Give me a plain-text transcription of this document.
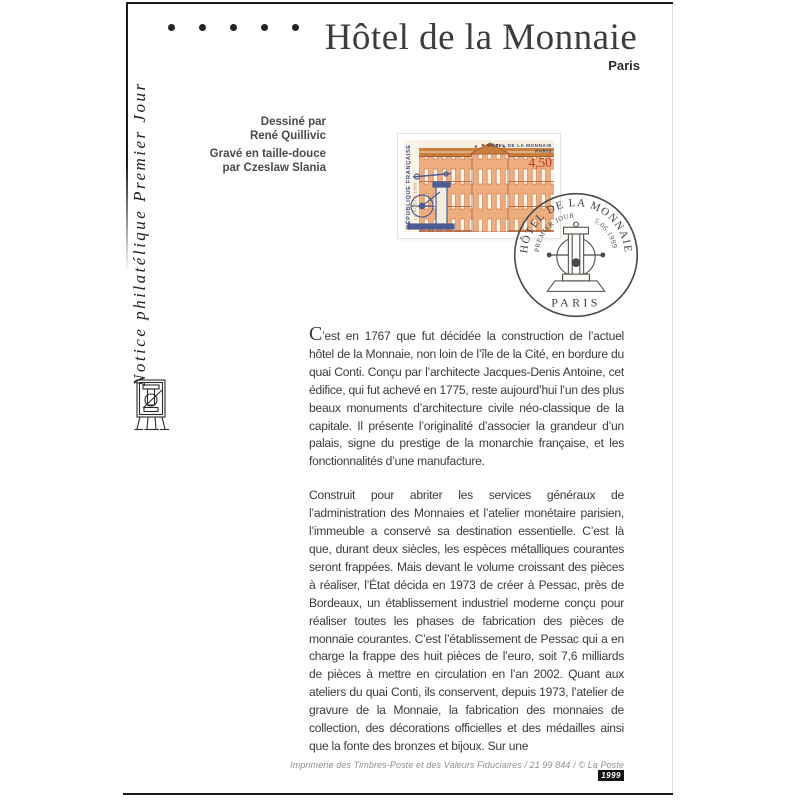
Notice philatélique Premier Jour
Hôtel de la Monnaie
Paris
Dessiné par
René Quillivic
Gravé en taille-douce
par Czeslaw Slania	RÉPUBLIQUE FRANÇAISE LA POSTE 1999
HÔTEL DE LA MONNAIE
PARIS
4,50
HÔTEL DE LA MONNAIE
PREMIER JOUR
5.06.1999
PARIS

C’est en 1767 que fut décidée la construction de l’actuel hôtel de la Monnaie, non loin de l’île de la Cité, en bordure du quai Conti. Conçu par l’architecte Jacques-Denis Antoine, cet édifice, qui fut achevé en 1775, reste aujourd’hui l’un des plus beaux monuments d’architecture civile néo-classique de la capitale. Il présente l’originalité d’associer la grandeur d’un palais, signe du prestige de la monarchie française, et les fonctionnalités d’une manufacture.

Construit pour abriter les services généraux de l’administration des Monnaies et l’atelier monétaire parisien, l’immeuble a conservé sa destination essentielle. C’est là que, durant deux siècles, les espèces métalliques courantes seront frappées. Mais devant le volume croissant des pièces à réaliser, l’État décida en 1973 de créer à Pessac, près de Bordeaux, un établissement industriel moderne conçu pour réaliser toutes les phases de fabrication des pièces de monnaie courantes. C’est l’établissement de Pessac qui a en charge la frappe des huit pièces de l’euro, soit 7,6 milliards de pièces à mettre en circulation en l’an 2002. Quant aux ateliers du quai Conti, ils conservent, depuis 1973, l’atelier de gravure de la Monnaie, la fabrication des monnaies de collection, des décorations officielles et des médailles ainsi que la fonte des bronzes et bijoux. Sur une

Imprimerie des Timbres-Poste et des Valeurs Fiduciaires / 21 99 844 / © La Poste 1999
